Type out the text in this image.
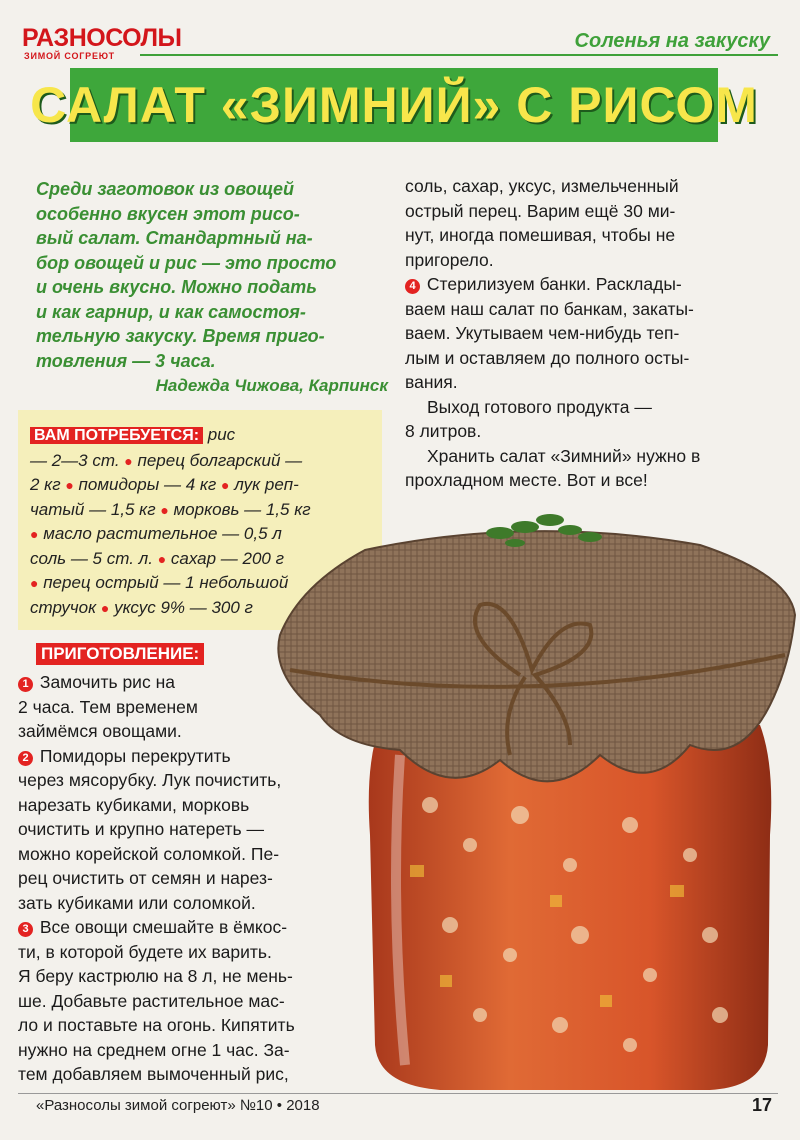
РАЗНОСОЛЫ
ЗИМОЙ СОГРЕЮТ
Соленья на закуску
САЛАТ «ЗИМНИЙ» С РИСОМ
Среди заготовок из овощей
особенно вкусен этот рисо-
вый салат. Стандартный на-
бор овощей и рис — это просто
и очень вкусно. Можно подать
и как гарнир, и как самостоя-
тельную закуску. Время приго-
товления — 3 часа.
Надежда Чижова, Карпинск
ВАМ ПОТРЕБУЕТСЯ: рис
— 2—3 ст. ● перец болгарский —
2 кг ● помидоры — 4 кг ● лук реп-
чатый — 1,5 кг ● морковь — 1,5 кг
● масло растительное — 0,5 л
соль — 5 ст. л. ● сахар — 200 г
● перец острый — 1 небольшой
стручок ● уксус 9% — 300 г
ПРИГОТОВЛЕНИЕ:
1 Замочить рис на
2 часа. Тем временем
займёмся овощами.
2 Помидоры перекрутить
через мясорубку. Лук почистить,
нарезать кубиками, морковь
очистить и крупно натереть —
можно корейской соломкой. Пе-
рец очистить от семян и нарез-
зать кубиками или соломкой.
3 Все овощи смешайте в ёмкос-
ти, в которой будете их варить.
Я беру кастрюлю на 8 л, не мень-
ше. Добавьте растительное мас-
ло и поставьте на огонь. Кипятить
нужно на среднем огне 1 час. За-
тем добавляем вымоченный рис,
соль, сахар, уксус, измельченный
острый перец. Варим ещё 30 ми-
нут, иногда помешивая, чтобы не
пригорело.
4 Стерилизуем банки. Расклады-
ваем наш салат по банкам, закаты-
ваем. Укутываем чем-нибудь теп-
лым и оставляем до полного осты-
вания.
Выход готового продукта —
8 литров.
Хранить салат «Зимний» нужно в
прохладном месте. Вот и все!
«Разносолы зимой согреют» №10 • 2018	17
